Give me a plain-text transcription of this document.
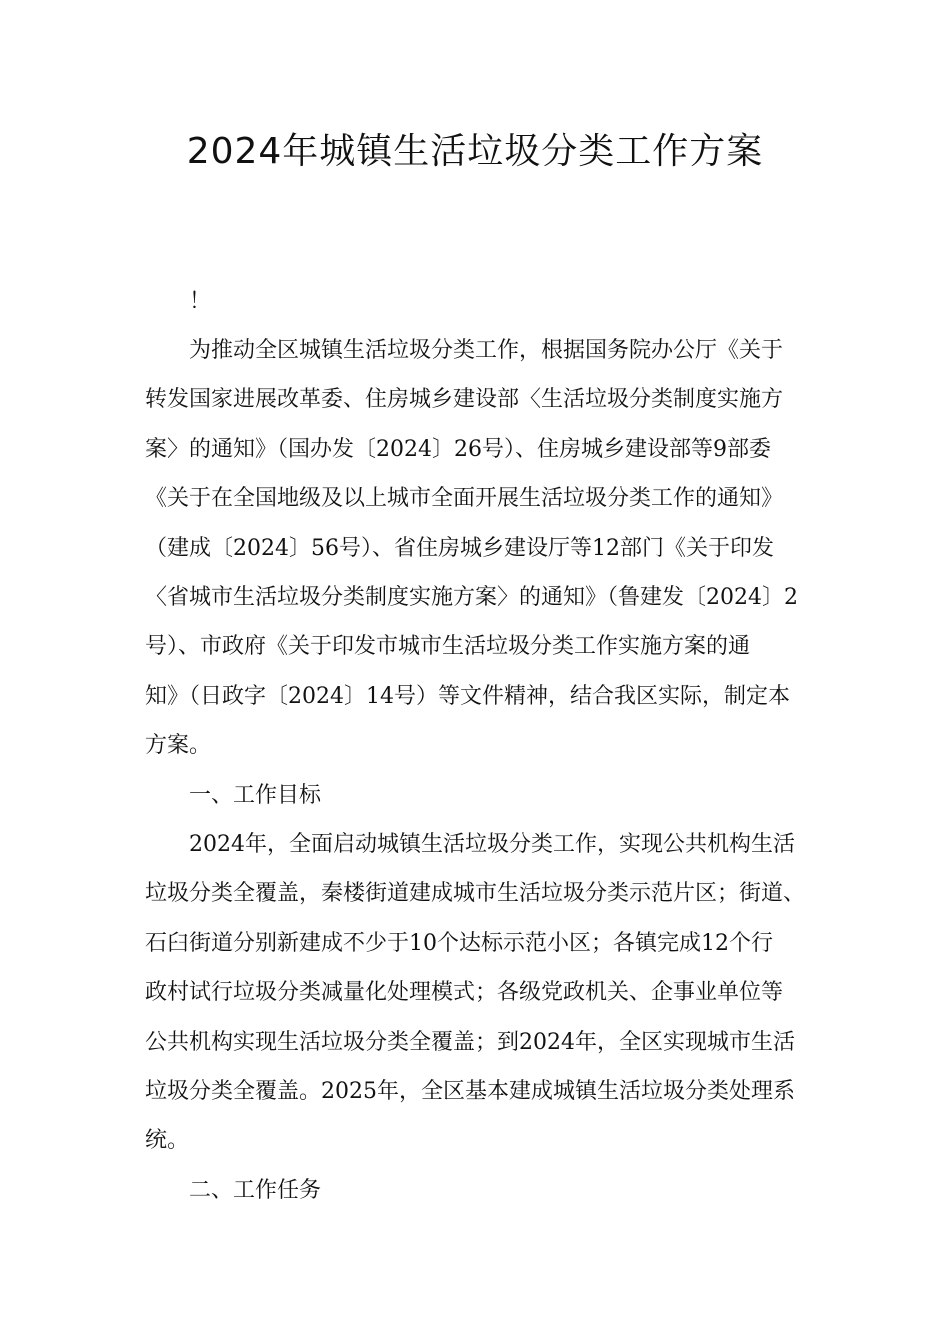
2024年城镇生活垃圾分类工作方案
！
为推动全区城镇生活垃圾分类工作，根据国务院办公厅《关于
转发国家进展改革委、住房城乡建设部〈生活垃圾分类制度实施方
案〉的通知》（国办发〔2024〕26号）、住房城乡建设部等9部委
《关于在全国地级及以上城市全面开展生活垃圾分类工作的通知》
（建成〔2024〕56号）、省住房城乡建设厅等12部门《关于印发
〈省城市生活垃圾分类制度实施方案〉的通知》（鲁建发〔2024〕2
号）、市政府《关于印发市城市生活垃圾分类工作实施方案的通
知》（日政字〔2024〕14号）等文件精神，结合我区实际，制定本
方案。
一、工作目标
2024年，全面启动城镇生活垃圾分类工作，实现公共机构生活
垃圾分类全覆盖，秦楼街道建成城市生活垃圾分类示范片区；街道、
石臼街道分别新建成不少于10个达标示范小区；各镇完成12个行
政村试行垃圾分类减量化处理模式；各级党政机关、企事业单位等
公共机构实现生活垃圾分类全覆盖；到2024年，全区实现城市生活
垃圾分类全覆盖。2025年，全区基本建成城镇生活垃圾分类处理系
统。
二、工作任务
